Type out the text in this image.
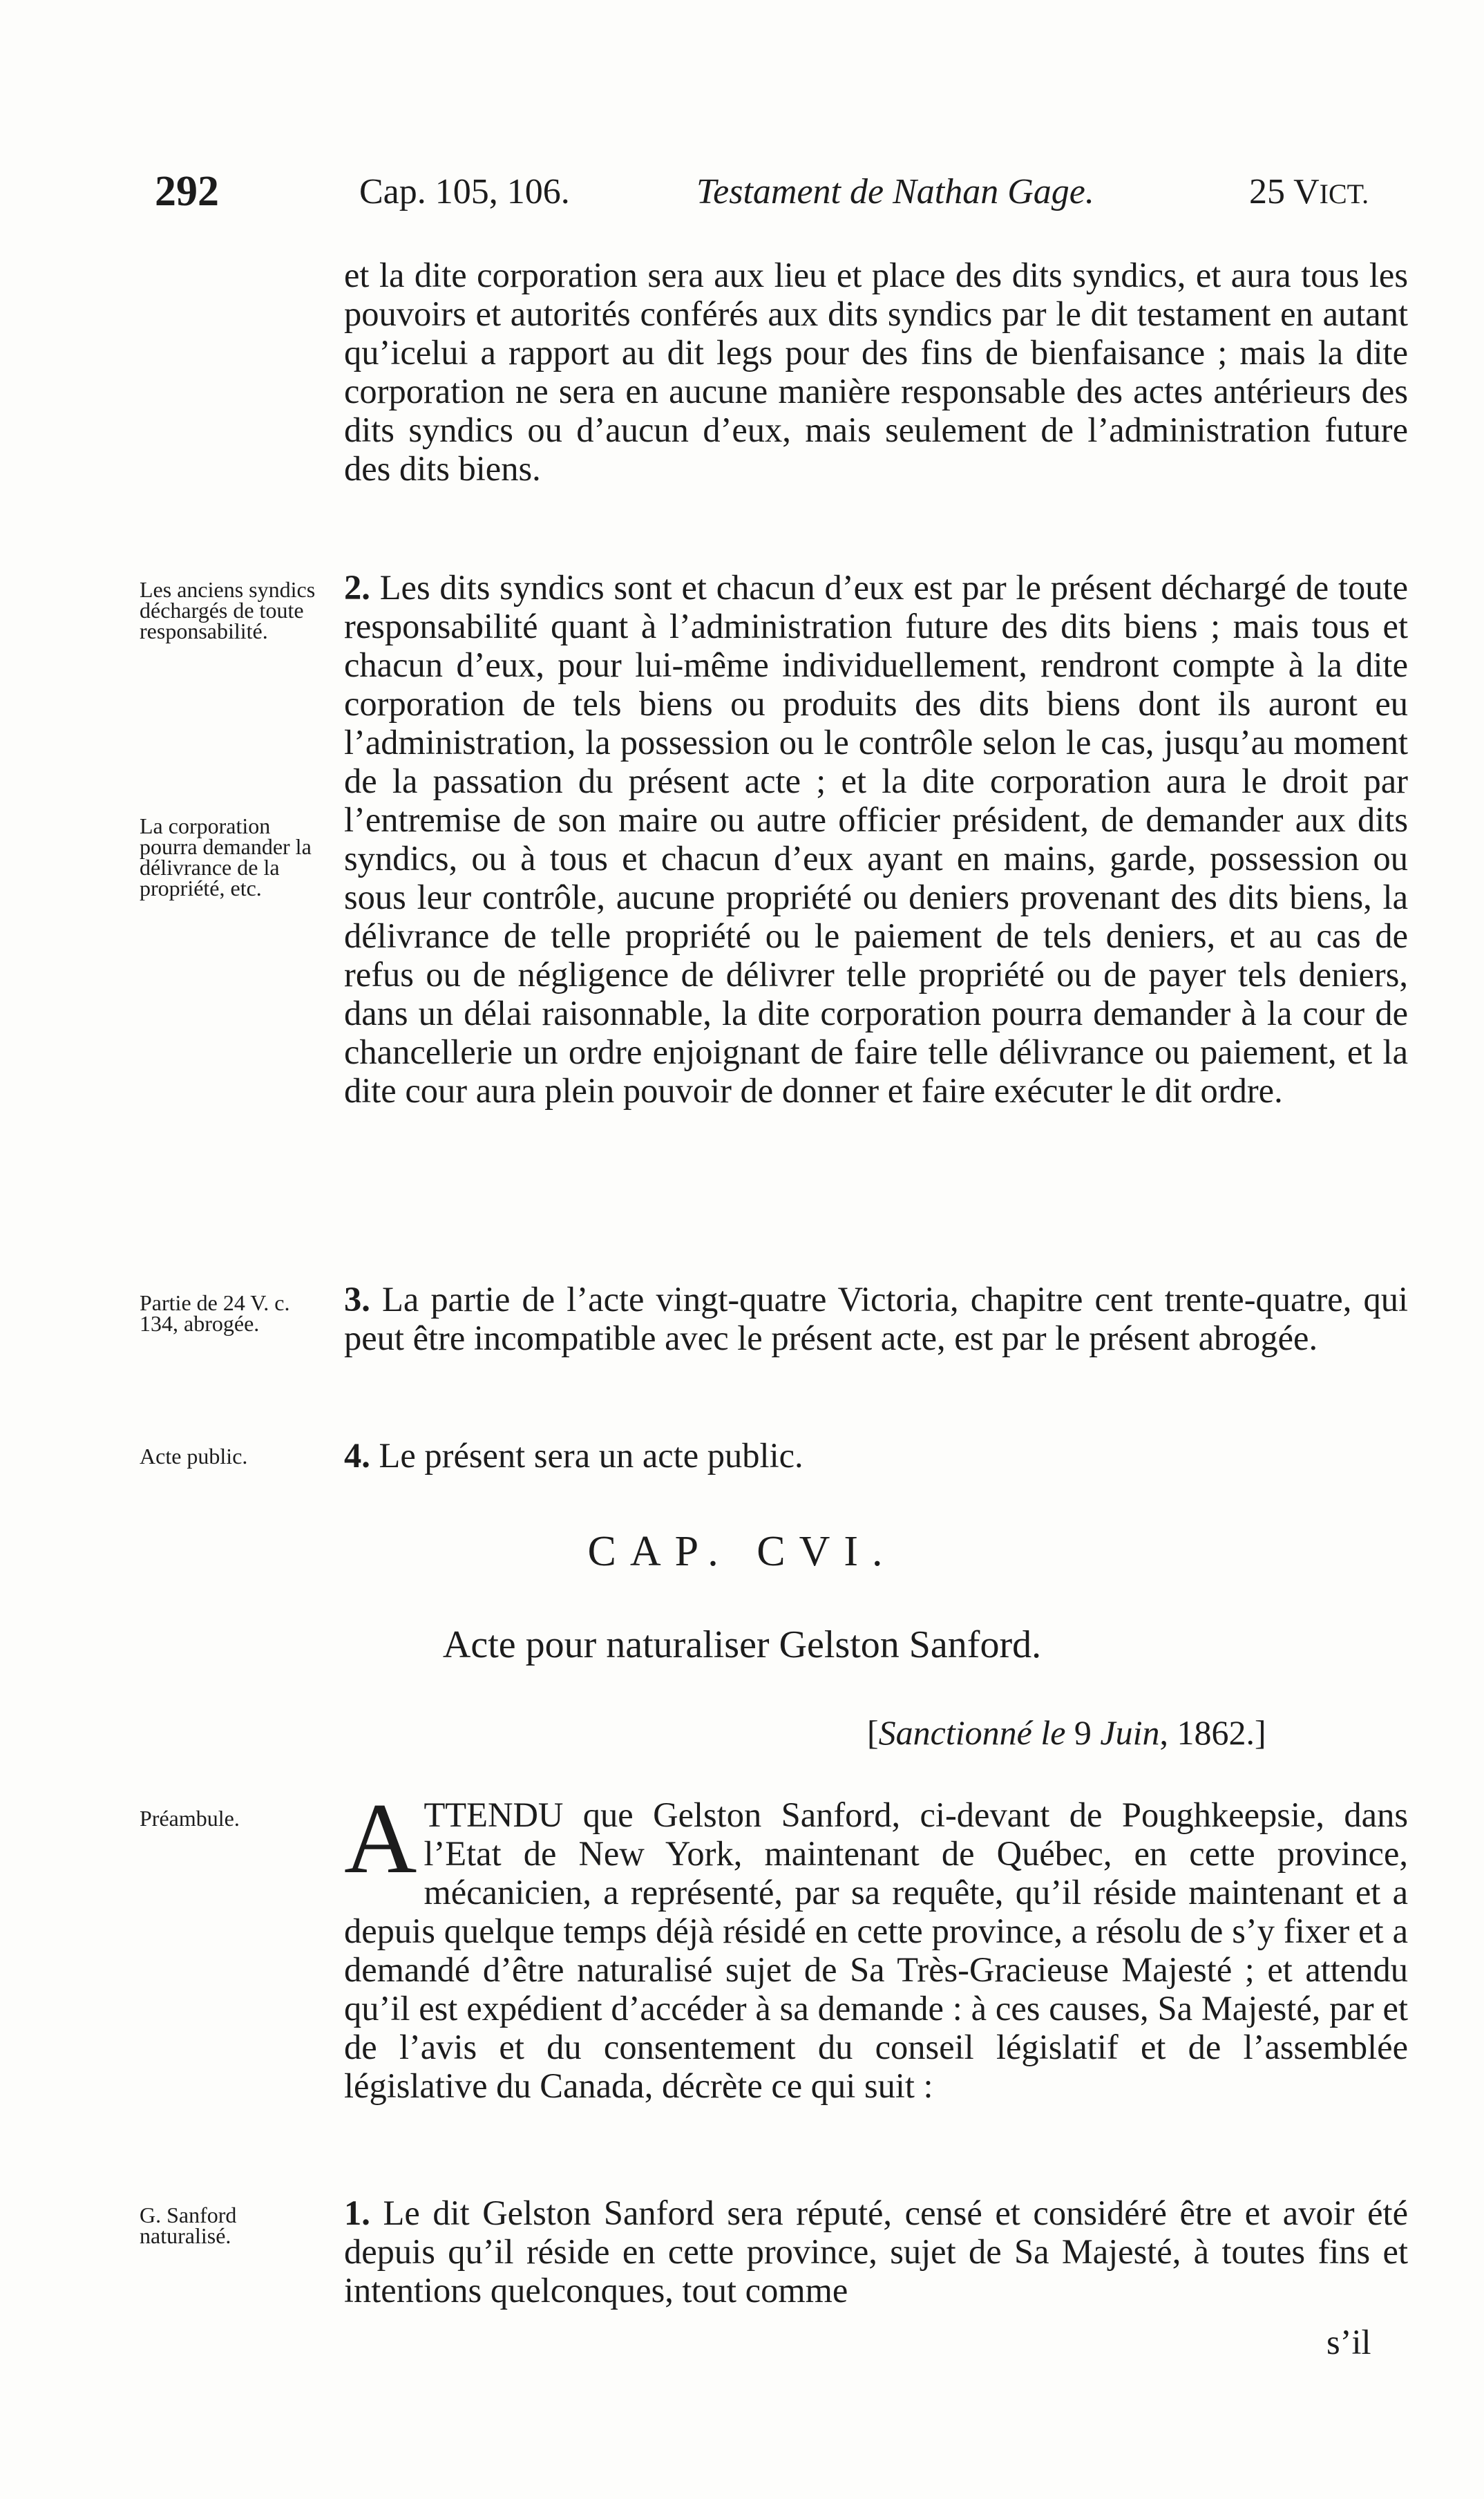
292	Cap. 105, 106.	Testament de Nathan Gage.	25 VICT.

et la dite corporation sera aux lieu et place des dits syndics, et aura tous les pouvoirs et autorités conférés aux dits syndics par le dit testament en autant qu’icelui a rapport au dit legs pour des fins de bienfaisance ; mais la dite corporation ne sera en aucune manière responsable des actes antérieurs des dits syndics ou d’aucun d’eux, mais seulement de l’administration future des dits biens.

Les anciens syndics déchargés de toute responsabilité.

2. Les dits syndics sont et chacun d’eux est par le présent déchargé de toute responsabilité quant à l’administration future des dits biens ; mais tous et chacun d’eux, pour lui-même individuellement, rendront compte à la dite corporation de tels biens ou produits des dits biens dont ils auront eu l’administration, la possession ou le contrôle selon le cas, jusqu’au moment de la passation du présent acte ; et la dite corporation aura le droit par l’entremise de son maire ou autre officier président, de demander aux dits syndics, ou à tous et chacun d’eux ayant en mains, garde, possession ou sous leur contrôle, aucune propriété ou deniers provenant des dits biens, la délivrance de telle propriété ou le paiement de tels deniers, et au cas de refus ou de négligence de délivrer telle propriété ou de payer tels deniers, dans un délai raisonnable, la dite corporation pourra demander à la cour de chancellerie un ordre enjoignant de faire telle délivrance ou paiement, et la dite cour aura plein pouvoir de donner et faire exécuter le dit ordre.

La corporation pourra demander la délivrance de la propriété, etc.
Partie de 24 V. c. 134, abrogée.

3. La partie de l’acte vingt-quatre Victoria, chapitre cent trente-quatre, qui peut être incompatible avec le présent acte, est par le présent abrogée.

Acte public.	4. Le présent sera un acte public.

CAP. CVI.
Acte pour naturaliser Gelston Sanford.
[Sanctionné le 9 Juin, 1862.]
Préambule.	ATTENDU que Gelston Sanford, ci-devant de Poughkeepsie, dans l’Etat de New York, maintenant de Québec, en cette province, mécanicien, a représenté, par sa requête, qu’il réside maintenant et a depuis quelque temps déjà résidé en cette province, a résolu de s’y fixer et a demandé d’être naturalisé sujet de Sa Très-Gracieuse Majesté ; et attendu qu’il est expédient d’accéder à sa demande : à ces causes, Sa Majesté, par et de l’avis et du consentement du conseil législatif et de l’assemblée législative du Canada, décrète ce qui suit :

G. Sanford naturalisé.

1. Le dit Gelston Sanford sera réputé, censé et considéré être et avoir été depuis qu’il réside en cette province, sujet de Sa Majesté, à toutes fins et intentions quelconques, tout comme

s’il
